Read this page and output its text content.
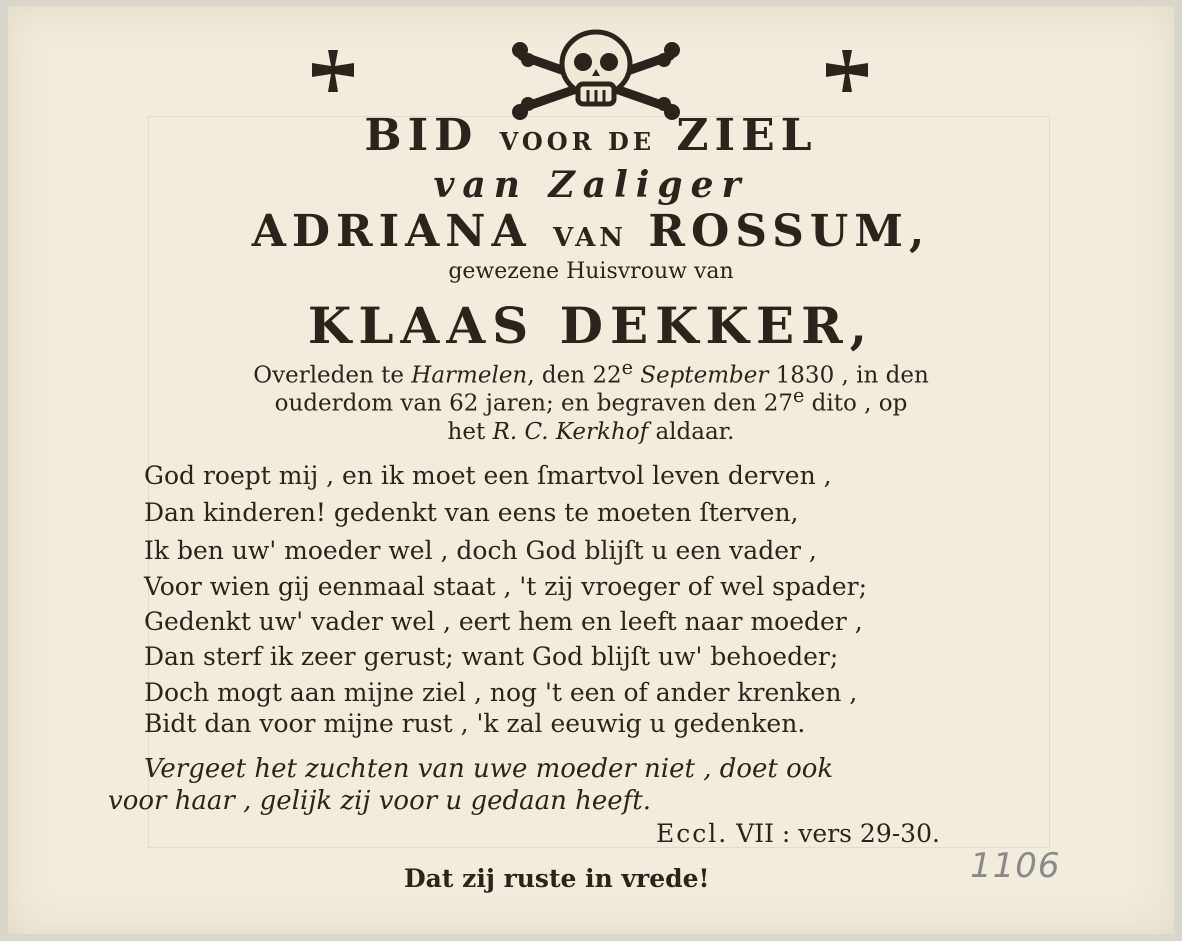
BID VOOR DE ZIEL
van Zaliger
ADRIANA VAN ROSSUM,
gewezene Huisvrouw van
KLAAS DEKKER,
Overleden te Harmelen, den 22e September 1830 , in den
ouderdom van 62 jaren; en begraven den 27e dito , op
het R. C. Kerkhof aldaar.
God roept mij , en ik moet een ſmartvol leven derven ,
Dan kinderen! gedenkt van eens te moeten ſterven,
Ik ben uw' moeder wel , doch God blijſt u een vader ,
Voor wien gij eenmaal staat , 't zij vroeger of wel spader;
Gedenkt uw' vader wel , eert hem en leeft naar moeder ,
Dan sterf ik zeer gerust; want God blijſt uw' behoeder;
Doch mogt aan mijne ziel , nog 't een of ander krenken ,
Bidt dan voor mijne rust , 'k zal eeuwig u gedenken.
Vergeet het zuchten van uwe moeder niet , doet ook
voor haar , gelijk zij voor u gedaan heeft.
Eccl. VII : vers 29-30.
Dat zij ruste in vrede!	1106
